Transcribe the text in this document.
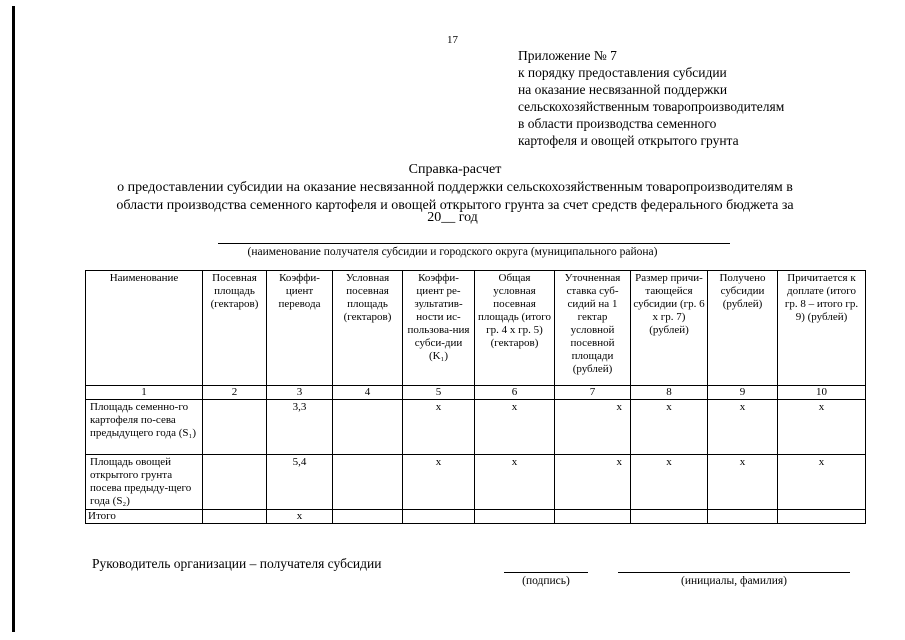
17
Приложение № 7
к порядку предоставления субсидии
на оказание несвязанной поддержки
сельскохозяйственным товаропроизводителям
в области производства семенного
картофеля и овощей открытого грунта
Справка-расчет
о предоставлении субсидии на оказание несвязанной поддержки сельскохозяйственным товаропроизводителям в
области производства семенного картофеля и овощей открытого грунта за счет средств федерального бюджета за
20__ год
(наименование получателя субсидии и городского округа (муниципального района)
Наименование	Посевная площадь (гектаров)	Коэффи-циент перевода	Условная посевная площадь (гектаров)	Коэффи-циент ре-зультатив-ности ис-пользова-ния субси-дии (K₁)	Общая условная посевная площадь (итого гр. 4 x гр. 5) (гектаров)	Уточненная ставка суб-сидий на 1 гектар условной посевной площади (рублей)	Размер причи-тающейся субсидии (гр. 6 x гр. 7) (рублей)	Получено субсидии (рублей)	Причитается к доплате (итого гр. 8 – итого гр. 9) (рублей)
1	2	3	4	5	6	7	8	9	10
Площадь семенно-го картофеля по-сева предыдущего года (S₁)		3,3		x	x	x	x	x	x
Площадь овощей открытого грунта посева предыду-щего года (S₂)		5,4		x	x	x	x	x	x
Итого		x							
Руководитель организации – получателя субсидии
(подпись)	(инициалы, фамилия)
